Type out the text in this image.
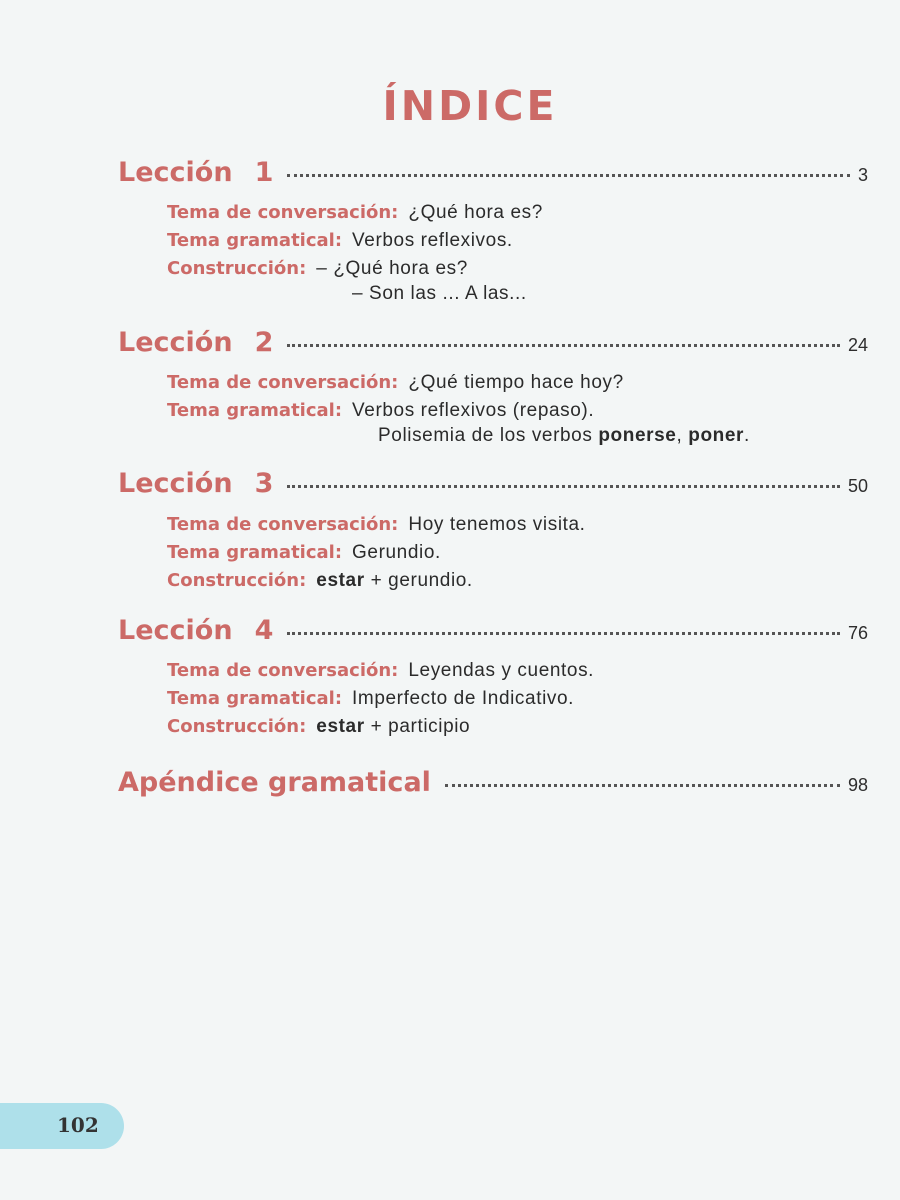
ÍNDICE
Lección 1	3
Tema de conversación: ¿Qué hora es?
Tema gramatical: Verbos reflexivos.
Construcción: – ¿Qué hora es?
– Son las ... A las...
Lección 2	24
Tema de conversación: ¿Qué tiempo hace hoy?
Tema gramatical: Verbos reflexivos (repaso).
Polisemia de los verbos ponerse, poner.
Lección 3	50
Tema de conversación: Hoy tenemos visita.
Tema gramatical: Gerundio.
Construcción: estar + gerundio.
Lección 4	76
Tema de conversación: Leyendas y cuentos.
Tema gramatical: Imperfecto de Indicativo.
Construcción: estar + participio
Apéndice gramatical	98
102
